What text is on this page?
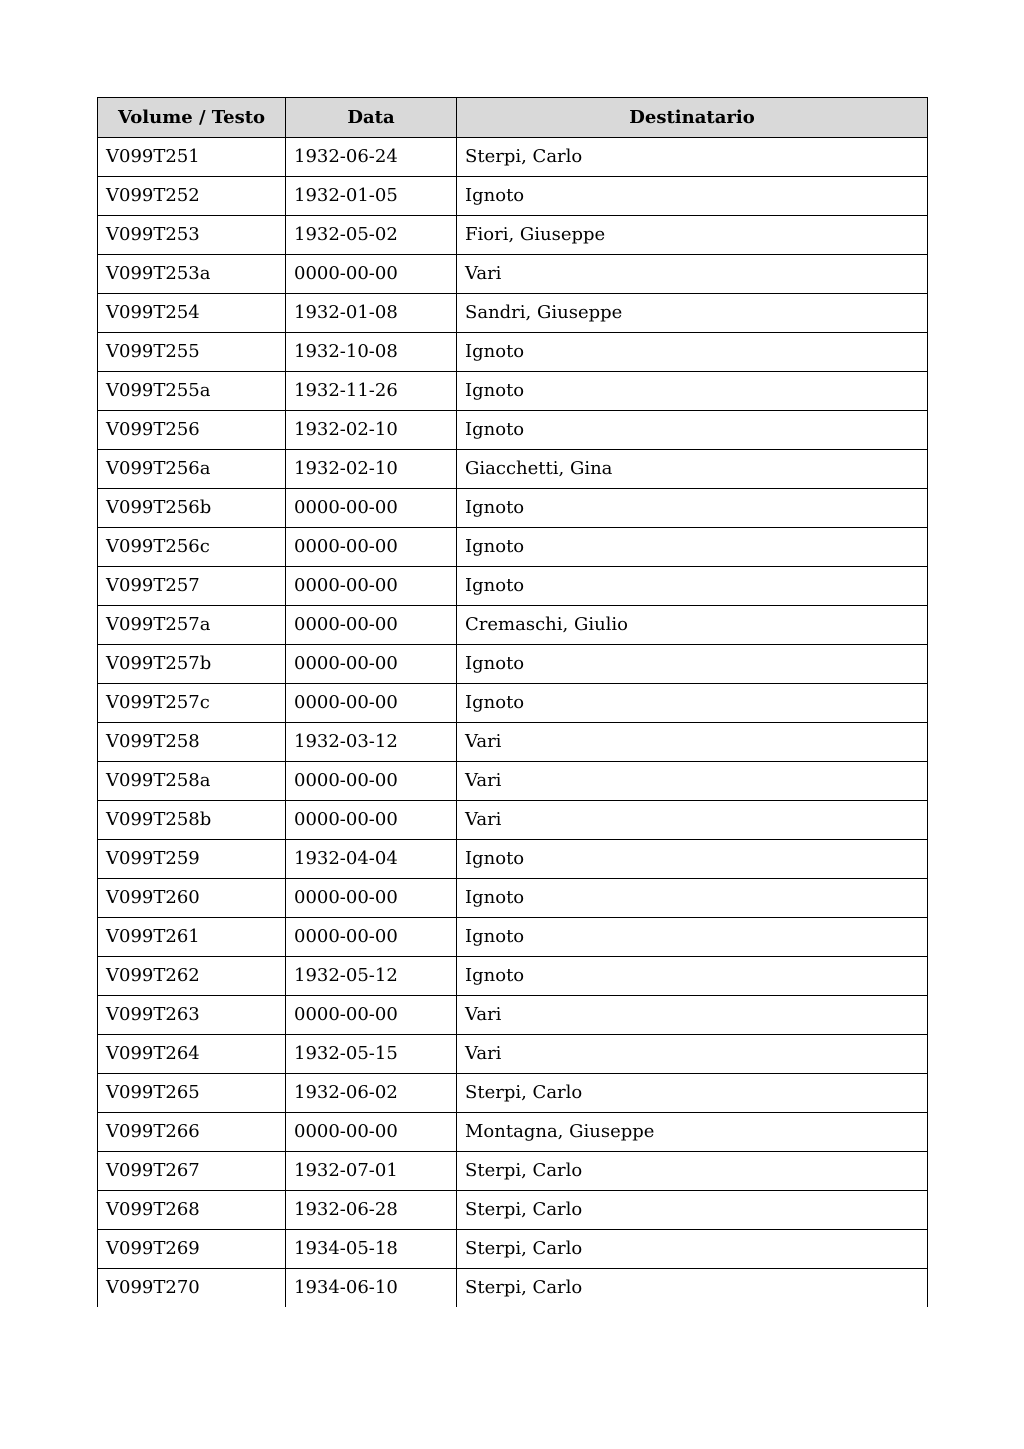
Volume / Testo	Data	Destinatario
V099T251	1932-06-24	Sterpi, Carlo
V099T252	1932-01-05	Ignoto
V099T253	1932-05-02	Fiori, Giuseppe
V099T253a	0000-00-00	Vari
V099T254	1932-01-08	Sandri, Giuseppe
V099T255	1932-10-08	Ignoto
V099T255a	1932-11-26	Ignoto
V099T256	1932-02-10	Ignoto
V099T256a	1932-02-10	Giacchetti, Gina
V099T256b	0000-00-00	Ignoto
V099T256c	0000-00-00	Ignoto
V099T257	0000-00-00	Ignoto
V099T257a	0000-00-00	Cremaschi, Giulio
V099T257b	0000-00-00	Ignoto
V099T257c	0000-00-00	Ignoto
V099T258	1932-03-12	Vari
V099T258a	0000-00-00	Vari
V099T258b	0000-00-00	Vari
V099T259	1932-04-04	Ignoto
V099T260	0000-00-00	Ignoto
V099T261	0000-00-00	Ignoto
V099T262	1932-05-12	Ignoto
V099T263	0000-00-00	Vari
V099T264	1932-05-15	Vari
V099T265	1932-06-02	Sterpi, Carlo
V099T266	0000-00-00	Montagna, Giuseppe
V099T267	1932-07-01	Sterpi, Carlo
V099T268	1932-06-28	Sterpi, Carlo
V099T269	1934-05-18	Sterpi, Carlo
V099T270	1934-06-10	Sterpi, Carlo
